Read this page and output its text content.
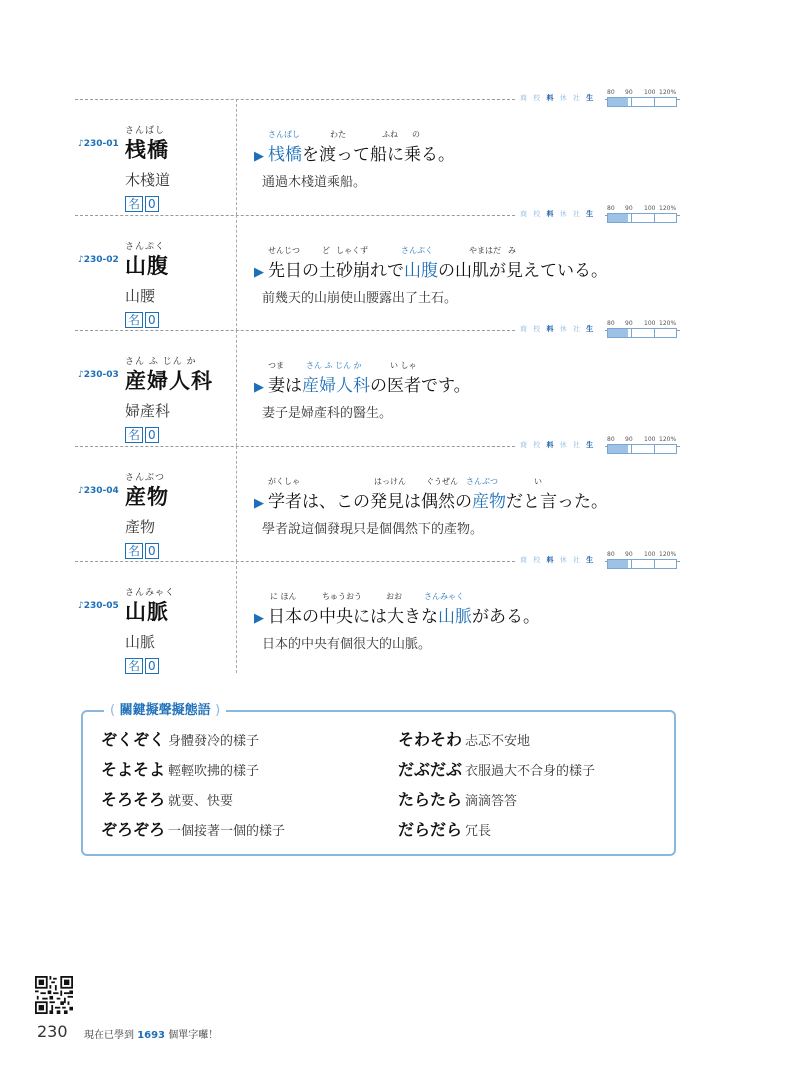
商 校 料 休 社 生
80 90 100 120%
♪230-01
さんばし
桟橋
木棧道
名 0
さんばし	わた	ふね の
▶ 桟橋を渡って船に乗る。
通過木棧道乘船。
商 校 料 休 社 生
80 90 100 120%
♪230-02
さんぷく
山腹
山腰
名 0
せんじつ	ど しゃくず	さんぷく	やまはだ み
▶ 先日の土砂崩れで山腹の山肌が見えている。
前幾天的山崩使山腰露出了土石。
商 校 料 休 社 生
80 90 100 120%
♪230-03
さん ふ じん か
産婦人科
婦產科
名 0
つま	さん ふ じん か	い しゃ
▶ 妻は産婦人科の医者です。
妻子是婦產科的醫生。
商 校 料 休 社 生
80 90 100 120%
♪230-04
さんぶつ
産物
產物
名 0
がくしゃ	はっけん	ぐうぜん さんぶつ	い
▶ 学者は、この発見は偶然の産物だと言った。
學者說這個發現只是個偶然下的產物。
商 校 料 休 社 生
80 90 100 120%
♪230-05
さんみゃく
山脈
山脈
名 0
に ほん	ちゅうおう	おお	さんみゃく
▶ 日本の中央には大きな山脈がある。
日本的中央有個很大的山脈。
( 關鍵擬聲擬態語 )
ぞくぞく 身體發冷的樣子
そよそよ 輕輕吹拂的樣子
そろそろ 就要、快要
ぞろぞろ 一個接著一個的樣子
そわそわ 忐忑不安地
だぶだぶ 衣服過大不合身的樣子
たらたら 滴滴答答
だらだら 冗長
230 現在已學到 1693 個單字囉！
